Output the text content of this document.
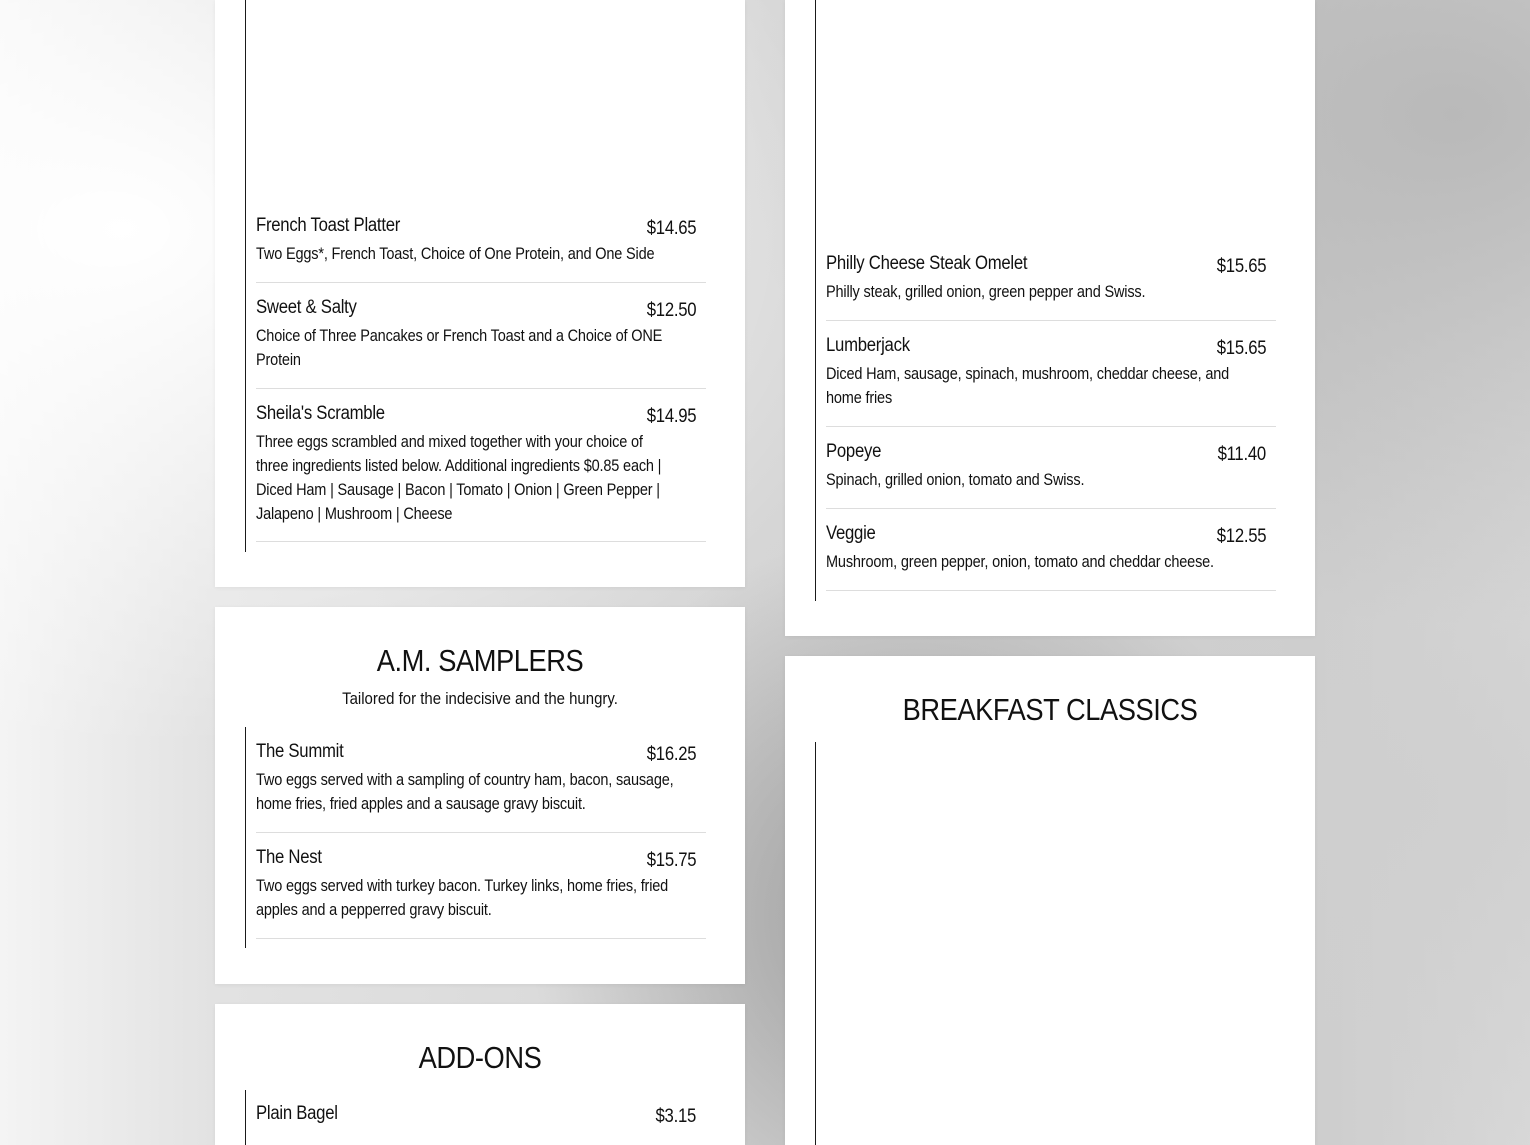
French Toast Platter	$14.65
Two Eggs*, French Toast, Choice of One Protein, and One Side
Sweet & Salty	$12.50
Choice of Three Pancakes or French Toast and a Choice of ONE Protein
Sheila's Scramble	$14.95
Three eggs scrambled and mixed together with your choice of three ingredients listed below. Additional ingredients $0.85 each | Diced Ham | Sausage | Bacon | Tomato | Onion | Green Pepper | Jalapeno | Mushroom | Cheese
A.M. SAMPLERS
Tailored for the indecisive and the hungry.
The Summit	$16.25
Two eggs served with a sampling of country ham, bacon, sausage, home fries, fried apples and a sausage gravy biscuit.
The Nest	$15.75
Two eggs served with turkey bacon. Turkey links, home fries, fried apples and a pepperred gravy biscuit.
ADD-ONS
Plain Bagel	$3.15
Philly Cheese Steak Omelet	$15.65
Philly steak, grilled onion, green pepper and Swiss.
Lumberjack	$15.65
Diced Ham, sausage, spinach, mushroom, cheddar cheese, and home fries
Popeye	$11.40
Spinach, grilled onion, tomato and Swiss.
Veggie	$12.55
Mushroom, green pepper, onion, tomato and cheddar cheese.
BREAKFAST CLASSICS
